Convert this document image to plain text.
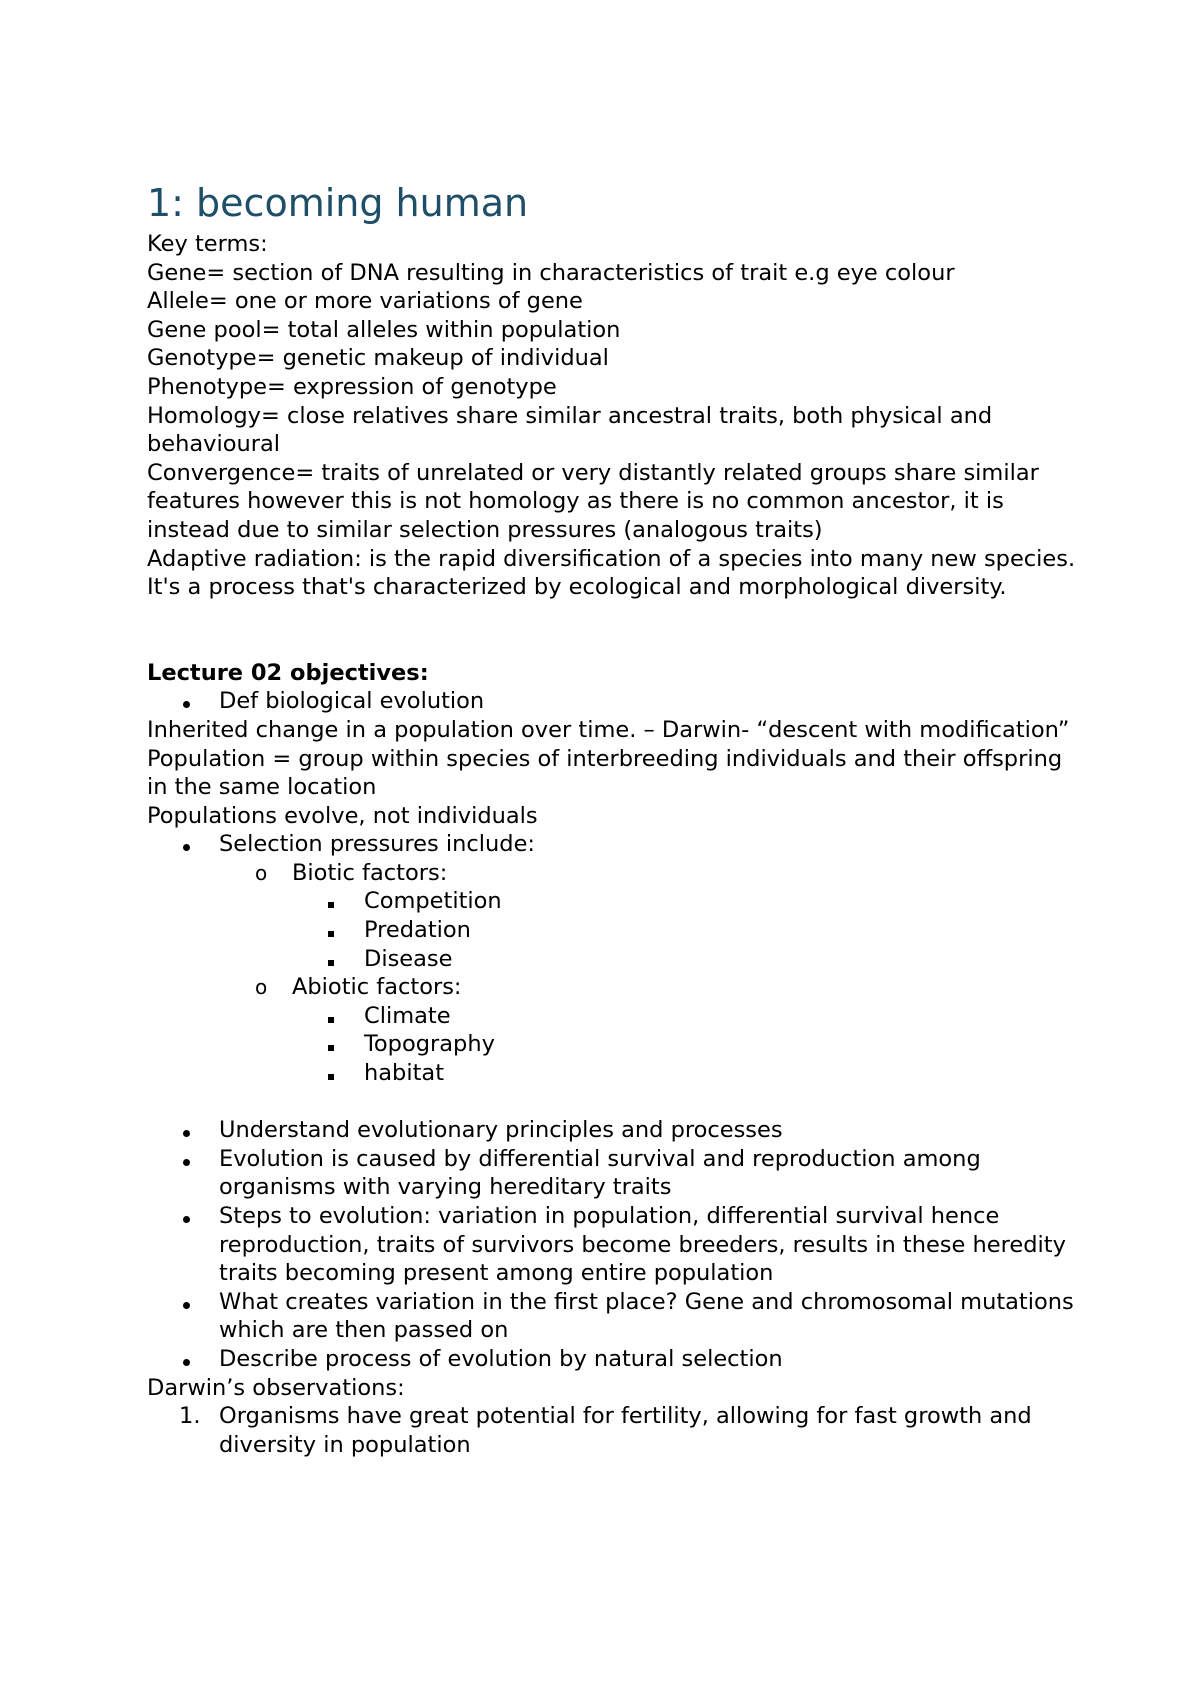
1: becoming human

Key terms:

Gene= section of DNA resulting in characteristics of trait e.g eye colour

Allele= one or more variations of gene

Gene pool= total alleles within population

Genotype= genetic makeup of individual

Phenotype= expression of genotype

Homology= close relatives share similar ancestral traits, both physical and behavioural

Convergence= traits of unrelated or very distantly related groups share similar features however this is not homology as there is no common ancestor, it is instead due to similar selection pressures (analogous traits)

Adaptive radiation: is the rapid diversification of a species into many new species. It's a process that's characterized by ecological and morphological diversity.

Lecture 02 objectives:

Def biological evolution

Inherited change in a population over time. – Darwin- “descent with modification”

Population = group within species of interbreeding individuals and their offspring in the same location

Populations evolve, not individuals

Selection pressures include:
o Biotic factors:
Competition
Predation
Disease
o Abiotic factors:
Climate
Topography
habitat
Understand evolutionary principles and processes
Evolution is caused by differential survival and reproduction among organisms with varying hereditary traits
Steps to evolution: variation in population, differential survival hence reproduction, traits of survivors become breeders, results in these heredity traits becoming present among entire population
What creates variation in the first place? Gene and chromosomal mutations which are then passed on
Describe process of evolution by natural selection

Darwin’s observations:

1. Organisms have great potential for fertility, allowing for fast growth and diversity in population
